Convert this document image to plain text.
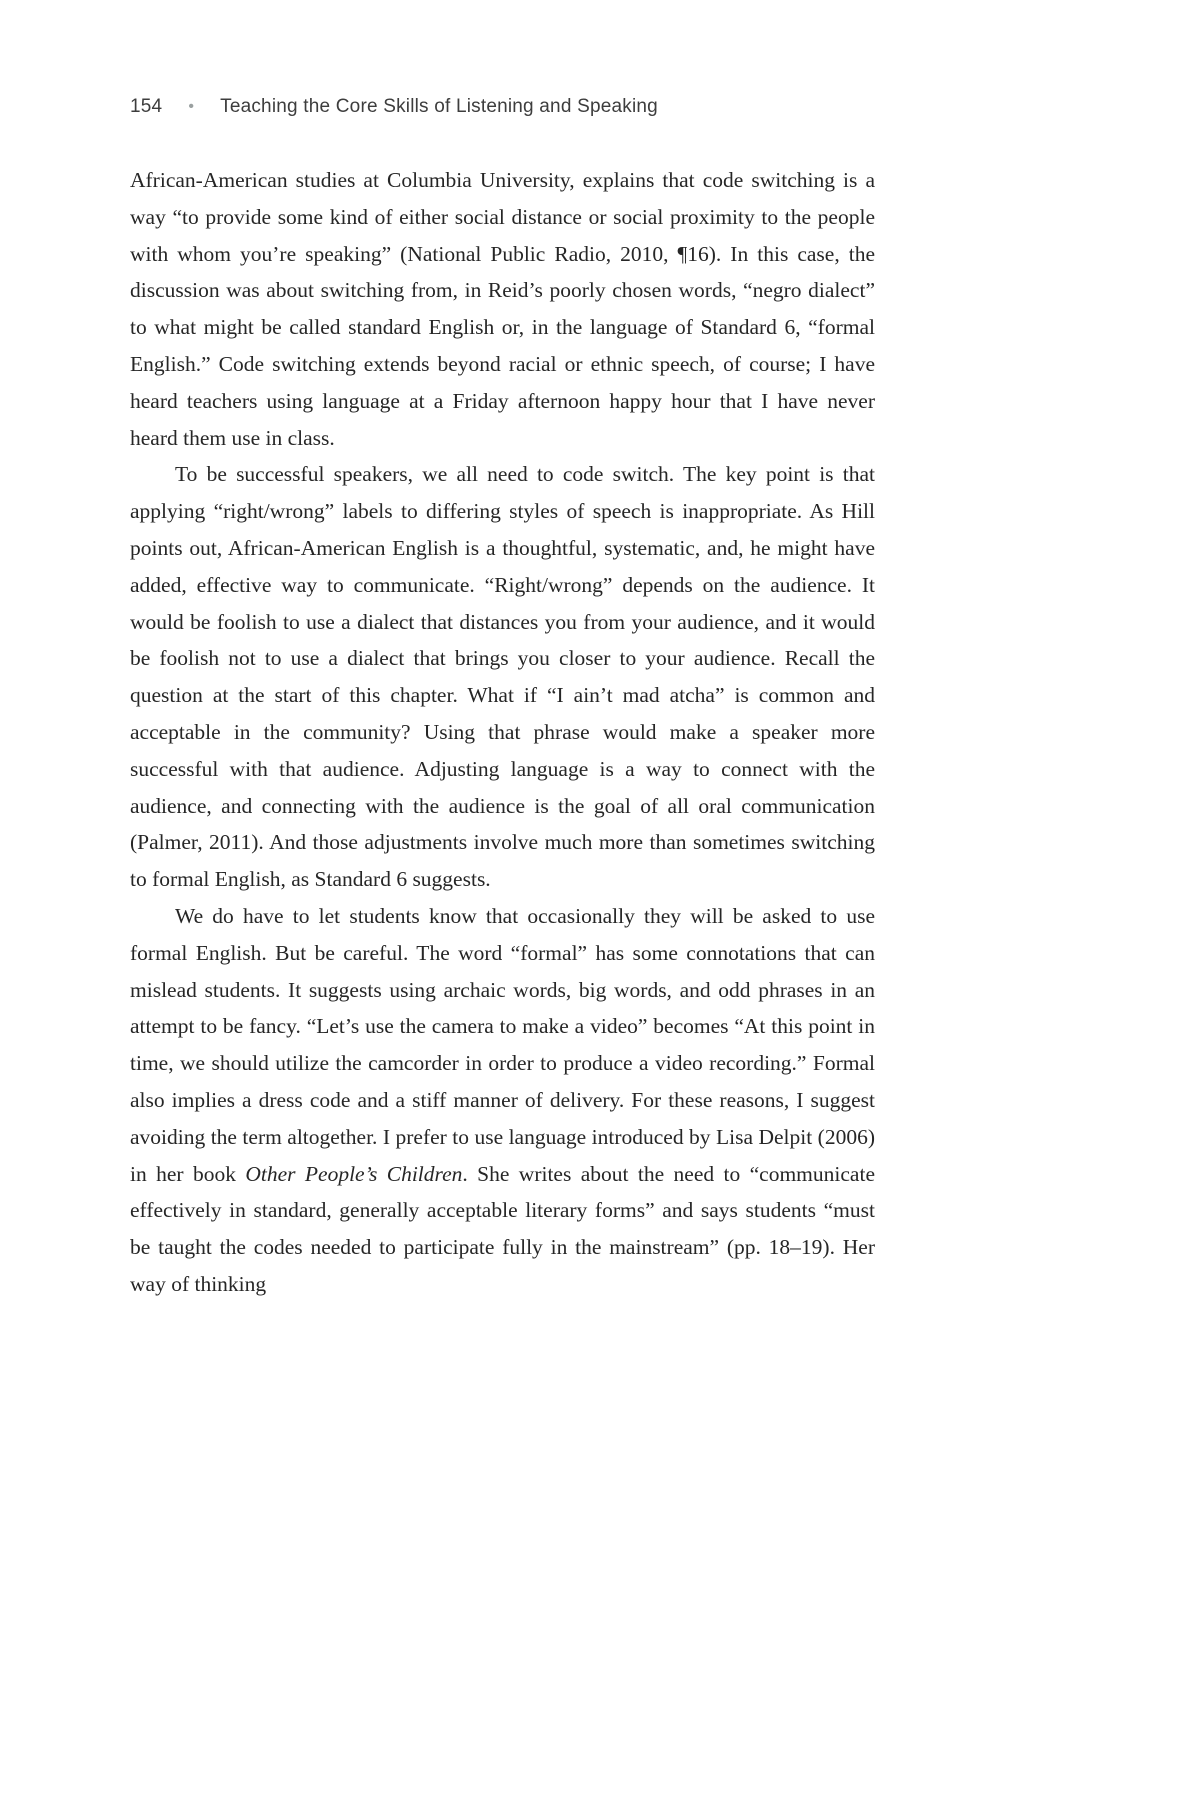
154 • Teaching the Core Skills of Listening and Speaking

African-American studies at Columbia University, explains that code switching is a way “to provide some kind of either social distance or social proximity to the people with whom you’re speaking” (National Public Radio, 2010, ¶16). In this case, the discussion was about switching from, in Reid’s poorly chosen words, “negro dialect” to what might be called standard English or, in the language of Standard 6, “formal English.” Code switching extends beyond racial or ethnic speech, of course; I have heard teachers using language at a Friday afternoon happy hour that I have never heard them use in class.

To be successful speakers, we all need to code switch. The key point is that applying “right/wrong” labels to differing styles of speech is inappropriate. As Hill points out, African-American English is a thoughtful, systematic, and, he might have added, effective way to communicate. “Right/wrong” depends on the audience. It would be foolish to use a dialect that distances you from your audience, and it would be foolish not to use a dialect that brings you closer to your audience. Recall the question at the start of this chapter. What if “I ain’t mad atcha” is common and acceptable in the community? Using that phrase would make a speaker more successful with that audience. Adjusting language is a way to connect with the audience, and connecting with the audience is the goal of all oral communication (Palmer, 2011). And those adjustments involve much more than sometimes switching to formal English, as Standard 6 suggests.

We do have to let students know that occasionally they will be asked to use formal English. But be careful. The word “formal” has some connotations that can mislead students. It suggests using archaic words, big words, and odd phrases in an attempt to be fancy. “Let’s use the camera to make a video” becomes “At this point in time, we should utilize the camcorder in order to produce a video recording.” Formal also implies a dress code and a stiff manner of delivery. For these reasons, I suggest avoiding the term altogether. I prefer to use language introduced by Lisa Delpit (2006) in her book Other People’s Children. She writes about the need to “communicate effectively in standard, generally acceptable literary forms” and says students “must be taught the codes needed to participate fully in the mainstream” (pp. 18–19). Her way of thinking
